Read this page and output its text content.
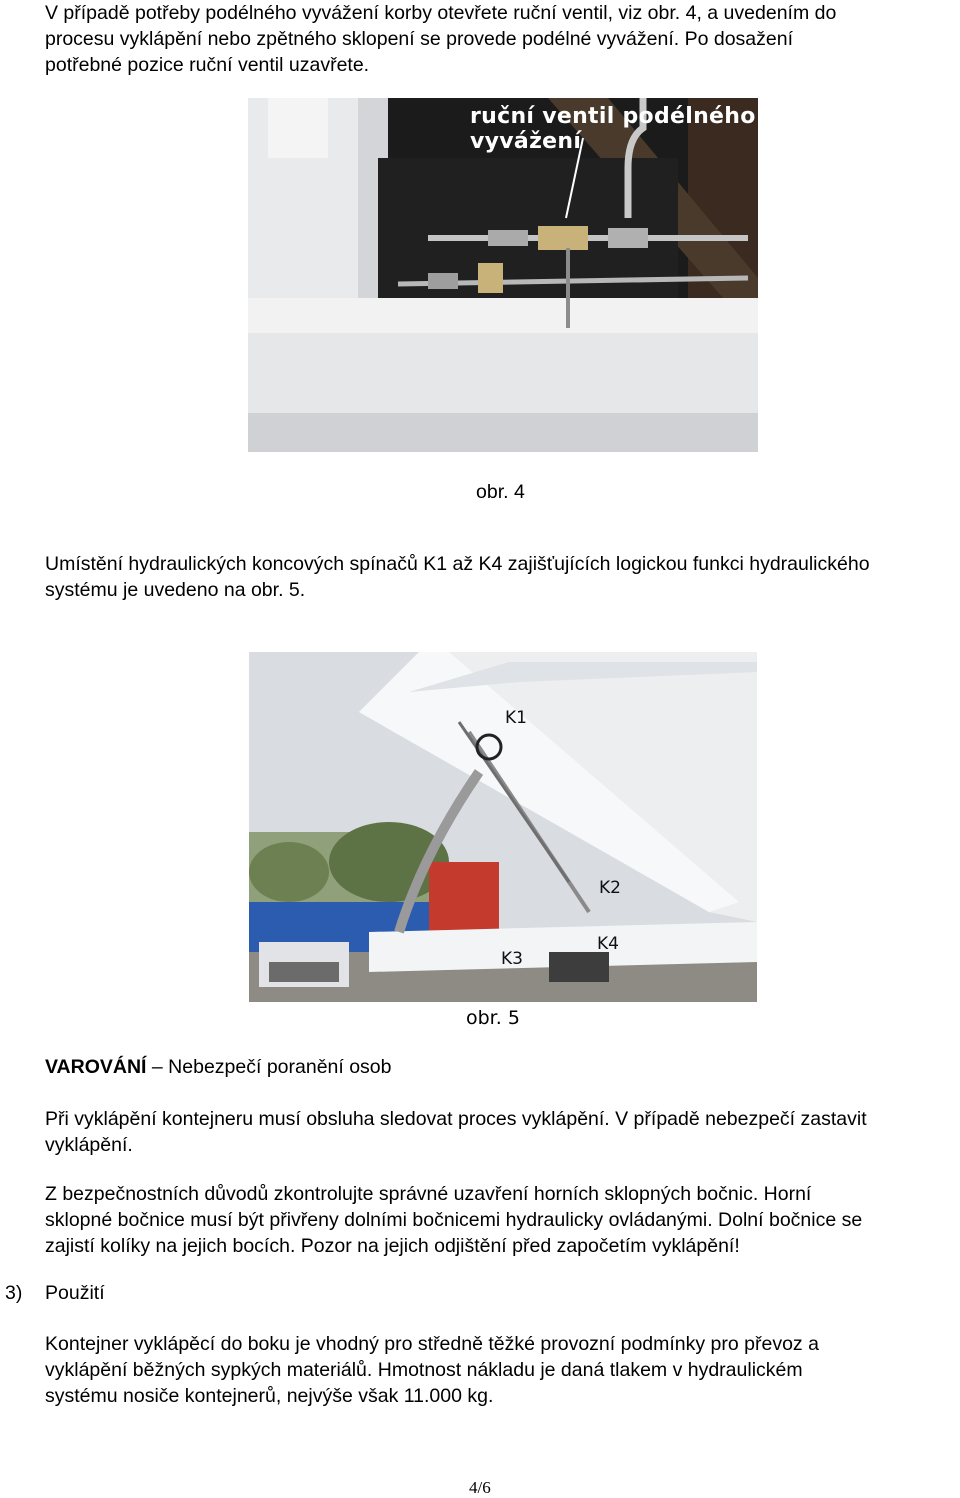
V případě potřeby podélného vyvážení korby otevřete ruční ventil, viz obr. 4, a uvedením do
procesu vyklápění nebo zpětného sklopení se provede podélné vyvážení. Po dosažení
potřebné pozice ruční ventil uzavřete.
ruční ventil podélného
vyvážení
obr. 4
Umístění hydraulických koncových spínačů K1 až K4 zajišťujících logickou funkci hydraulického
systému je uvedeno na obr. 5.
K1
K2
K3
K4
obr. 5
VAROVÁNÍ – Nebezpečí poranění osob
Při vyklápění kontejneru musí obsluha sledovat proces vyklápění. V případě nebezpečí zastavit
vyklápění.
Z bezpečnostních důvodů zkontrolujte správné uzavření horních sklopných bočnic. Horní
sklopné bočnice musí být přivřeny dolními bočnicemi hydraulicky ovládanými. Dolní bočnice se
zajistí kolíky na jejich bocích. Pozor na jejich odjištění před započetím vyklápění!
3) Použití
Kontejner vyklápěcí do boku je vhodný pro středně těžké provozní podmínky pro převoz a
vyklápění běžných sypkých materiálů. Hmotnost nákladu je daná tlakem v hydraulickém
systému nosiče kontejnerů, nejvýše však 11.000 kg.
4/6
